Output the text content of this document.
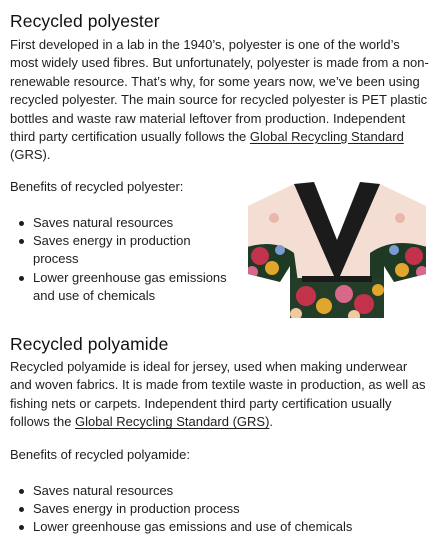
Recycled polyester

First developed in a lab in the 1940’s, polyester is one of the world’s most widely used fibres. But unfortunately, polyester is made from a non-renewable resource. That’s why, for some years now, we’ve been using recycled polyester. The main source for recycled polyester is PET plastic bottles and waste raw material leftover from production. Independent third party certification usually follows the Global Recycling Standard (GRS).

Benefits of recycled polyester:

Saves natural resources
Saves energy in production process
Lower greenhouse gas emissions and use of chemicals
Recycled polyamide

Recycled polyamide is ideal for jersey, used when making underwear and woven fabrics. It is made from textile waste in production, as well as fishing nets or carpets. Independent third party certification usually follows the Global Recycling Standard (GRS).

Benefits of recycled polyamide:

Saves natural resources
Saves energy in production process
Lower greenhouse gas emissions and use of chemicals
